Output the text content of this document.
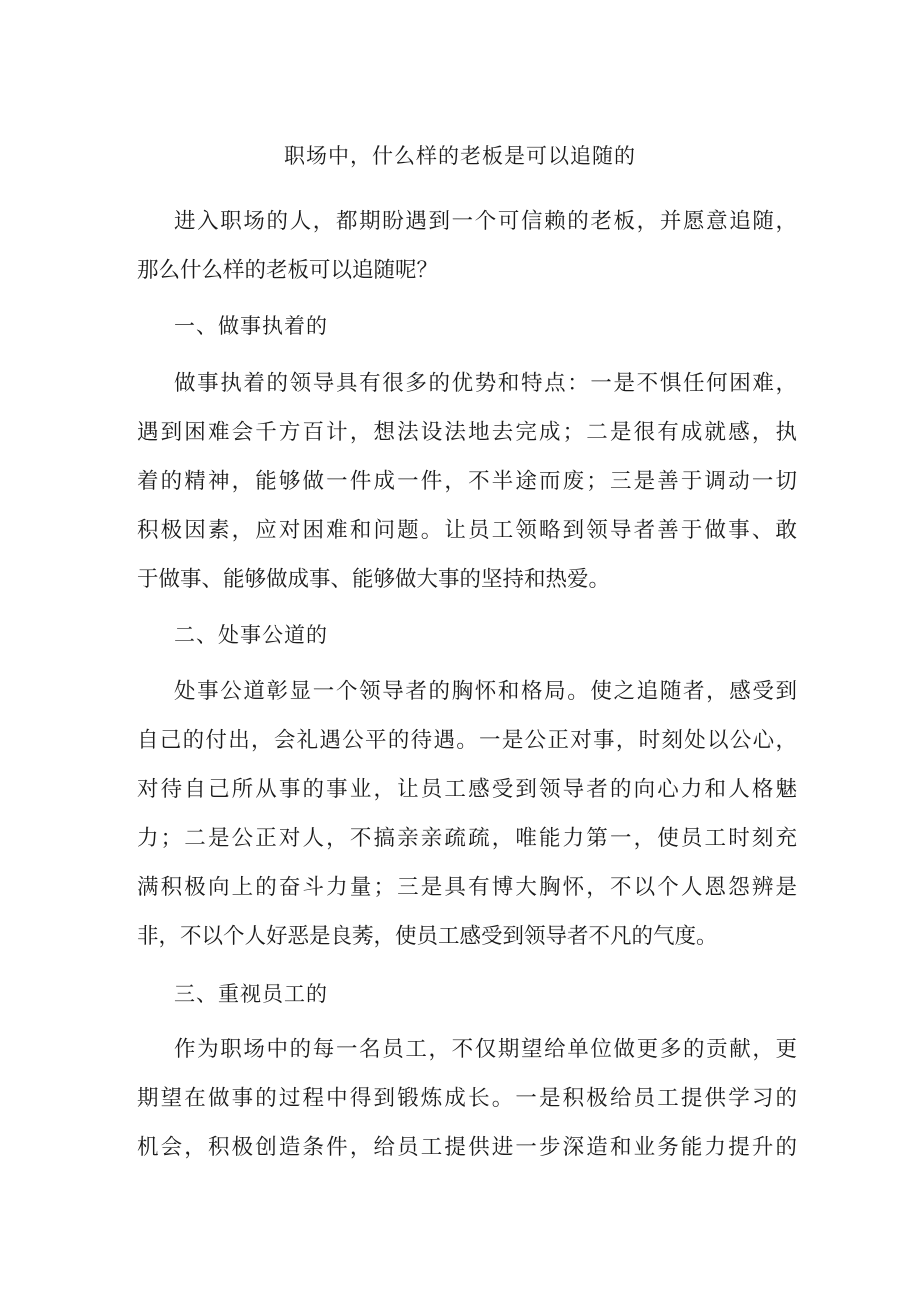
职场中，什么样的老板是可以追随的
进入职场的人，都期盼遇到一个可信赖的老板，并愿意追随，
那么什么样的老板可以追随呢？
一、做事执着的
做事执着的领导具有很多的优势和特点：一是不惧任何困难，
遇到困难会千方百计，想法设法地去完成；二是很有成就感，执
着的精神，能够做一件成一件，不半途而废；三是善于调动一切
积极因素，应对困难和问题。让员工领略到领导者善于做事、敢
于做事、能够做成事、能够做大事的坚持和热爱。
二、处事公道的
处事公道彰显一个领导者的胸怀和格局。使之追随者，感受到
自己的付出，会礼遇公平的待遇。一是公正对事，时刻处以公心，
对待自己所从事的事业，让员工感受到领导者的向心力和人格魅
力；二是公正对人，不搞亲亲疏疏，唯能力第一，使员工时刻充
满积极向上的奋斗力量；三是具有博大胸怀，不以个人恩怨辨是
非，不以个人好恶是良莠，使员工感受到领导者不凡的气度。
三、重视员工的
作为职场中的每一名员工，不仅期望给单位做更多的贡献，更
期望在做事的过程中得到锻炼成长。一是积极给员工提供学习的
机会，积极创造条件，给员工提供进一步深造和业务能力提升的
